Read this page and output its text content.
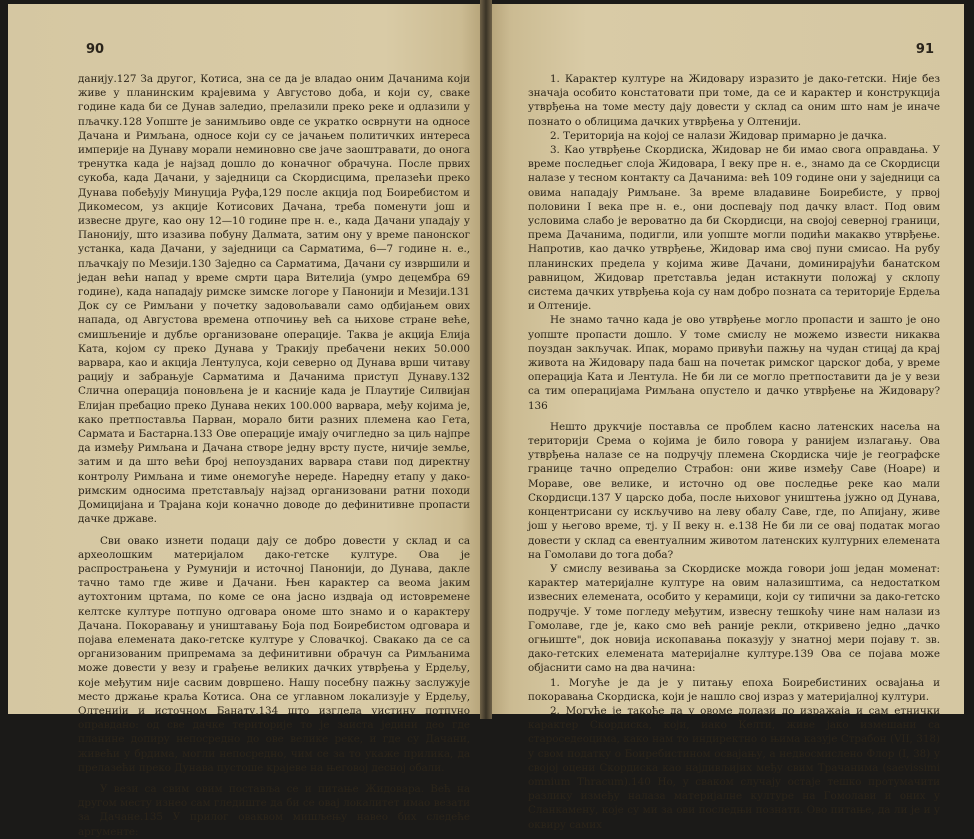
90

данију.127 За другог, Котиса, зна се да је владао оним Дачанима који живе у планинским крајевима у Августово доба, и који су, сваке године када би се Дунав заледио, прелазили преко реке и одлазили у пљачку.128 Уопште је занимљиво овде се укратко осврнути на односе Дачана и Римљана, односе који су се јачањем политичких интереса империје на Дунаву морали неминовно све јаче заоштравати, до онога тренутка када је најзад дошло до коначног обрачуна. После првих сукоба, када Дачани, у заједници са Скордисцима, прелазећи преко Дунава побеђују Минуција Руфа,129 после акција под Боиребистом и Дикомесом, уз акције Котисових Дачана, треба поменути још и извесне друге, као ону 12—10 године пре н. е., када Дачани упадају у Панонију, што изазива побуну Далмата, затим ону у време панонског устанка, када Дачани, у заједници са Сарматима, 6—7 године н. е., пљачкају по Мезији.130 Заједно са Сарматима, Дачани су извршили и један већи напад у време смрти цара Вителија (умро децембра 69 године), када нападају римске зимске логоре у Панонији и Мезији.131 Док су се Римљани у почетку задовољавали само одбијањем ових напада, од Августова времена отпочињу већ са њиховe стране веће, смишљеније и дубље организоване операције. Таква је акција Елија Ката, којом су преко Дунава у Тракију пребачени неких 50.000 варвара, као и акција Лентулуса, који северно од Дунава врши читаву рацију и забрањује Сарматима и Дачанима приступ Дунаву.132 Слична операција поновљена је и касније када је Плаутије Силвијан Елијан пребацио преко Дунава неких 100.000 варвара, међу којима је, како претпоставља Парван, морало бити разних племена као Гета, Сармата и Бастарна.133 Ове операције имају очигледно за циљ најпре да између Римљана и Дачана створе једну врсту пусте, ничије земље, затим и да што већи број непоузданих варвара стави под директну контролу Римљана и тиме онемогуће нереде. Наредну етапу у дако-римским односима претстављају најзад организовани ратни походи Домицијана и Трајана који коначно доводе до дефинитивне пропасти дачке државе.

Сви овако изнети подаци дају се добро довести у склад и са археолошким материјалом дако-гетске културе. Ова је распрострањена у Румунији и источној Панонији, до Дунава, дакле тачно тамо где живе и Дачани. Њен карактер са веома јаким аутохтоним цртама, по коме се она јасно издваја од истовремене келтске културе потпуно одговара ономе што знамо и о карактеру Дачана. Покоравању и уништавању Боја под Боиребистом одговара и појава елемената дако-гетске културе у Словачкој. Свакако да се са организованим припремама за дефинитивни обрачун са Римљанима може довести у везу и грађење великих дачких утврђења у Ердељу, које међутим није сасвим довршено. Нашу посебну пажњу заслужује место држање краља Котиса. Она се углавном локализује у Ердељу, Олтенији и источном Банату,134 што изгледа уистину потпуно оправдано: од све дачке територије то је заиста једини део где планине допиру непосредно до ове велике реке, и где су Дачани, живећи у брдима, могли непосредно, чим се за то укаже прилика, да прелазећи преко Дунава пустоше крајеве на његовој десној обали.

У вези са свим овим постављa се и питање Жидовара. Већ на другом месту изнео сам гледиште да би се овај локалитет имао везати за Дачане.135 У прилог оваквом мишљењу навео бих следеће аргументе:

91

1. Карактер културе на Жидовару изразито је дако-гетски. Није без значаја особито констатовати при томе, да се и карактер и конструкција утврђења на томе месту дају довести у склад са оним што нам је иначе познато о облицима дачких утврђења у Олтенији.

2. Територија на којој се налази Жидовар примарно је дачка.

3. Као утврђење Скордиска, Жидовар не би имао свога оправдања. У време последњег слоја Жидовара, I веку пре н. е., знамо да се Скордисци налазе у тесном контакту са Дачанима: већ 109 године они у заједници са овима нападају Римљане. За време владавине Боиребисте, у првој половини I века пре н. е., они доспевају под дачку власт. Под овим условима слабо је вероватно да би Скордисци, на својој северној граници, према Дачанима, подигли, или уопште могли подићи макакво утврђење. Напротив, као дачко утврђење, Жидовар има свој пуни смисао. На рубу планинских предела у којима живе Дачани, доминирајући банатском равницом, Жидовар претставља један истакнути положај у склопу система дачких утврђења која су нам добро позната са територије Ердеља и Олтеније.

Не знамо тачно када је ово утврђење могло пропасти и зашто је оно уопште пропасти дошло. У томе смислу не можемо извести никаква поуздан закључак. Ипак, морамо привући пажњу на чудан стицај да крај живота на Жидовару пада баш на почетак римског царског доба, у време операција Ката и Лентула. Не би ли се могло претпоставити да је у вези са тим операцијама Римљана опустело и дачко утврђење на Жидовару?136

Нешто друкчије поставља се проблем касно латенских насеља на територији Срема о којима је било говора у ранијем излагању. Ова утврђења налазе се на подручју племена Скордиска чије је географске границе тачно определио Страбон: они живе између Саве (Ноаре) и Мораве, ове велике, и источно од ове последње реке као мали Скордисци.137 У царско доба, после њиховог уништења јужно од Дунава, концентрисани су искључиво на леву обалу Саве, где, по Апијану, живе још у његово време, тј. у II веку н. е.138 Не би ли се овај податак могао довести у склад са евентуалним животом латенских културних елемената на Гомолави до тога доба?

У смислу везивања за Скордиске можда говори још један моменат: карактер материјалне културе на овим налазиштима, са недостатком извесних елемената, особито у керамици, који су типични за дако-гетско подручје. У томе погледу међутим, извесну тешкоћу чине нам налази из Гомолаве, где је, како смо већ раније рекли, откривено једно „дачко огњиште", док новија ископавања показују у знатној мери појаву т. зв. дако-гетских елемената материјалне културе.139 Ова се појава може објаснити само на два начина:

1. Могуће је да је у питању епоха Боиребистиних освајања и покоравања Скордиска, који је нашло свој израз у материјалној култури.

2. Могуће је такође да у овоме долази до изражаја и сам етнички карактер Скордиска, који, иако Келти, живе јако измешани са староседеоцима, како нам то индиректно о њима казује Страбон (VII, 318) у свом податку о Боиребистином освајању, а недвосмислено Флор (I, 38) у својој оцени Скордиска као најдивљијих међу свим Трачанима (saevissimi omnium Thracum).140 Но, у сваком случају остаје тешко протумачити разлику између налаза материјалне културе на Гомолави и оних у Сланкамену, које су ми зa ови последњи познати. Ово питање, да ли је и у оквиру самих
